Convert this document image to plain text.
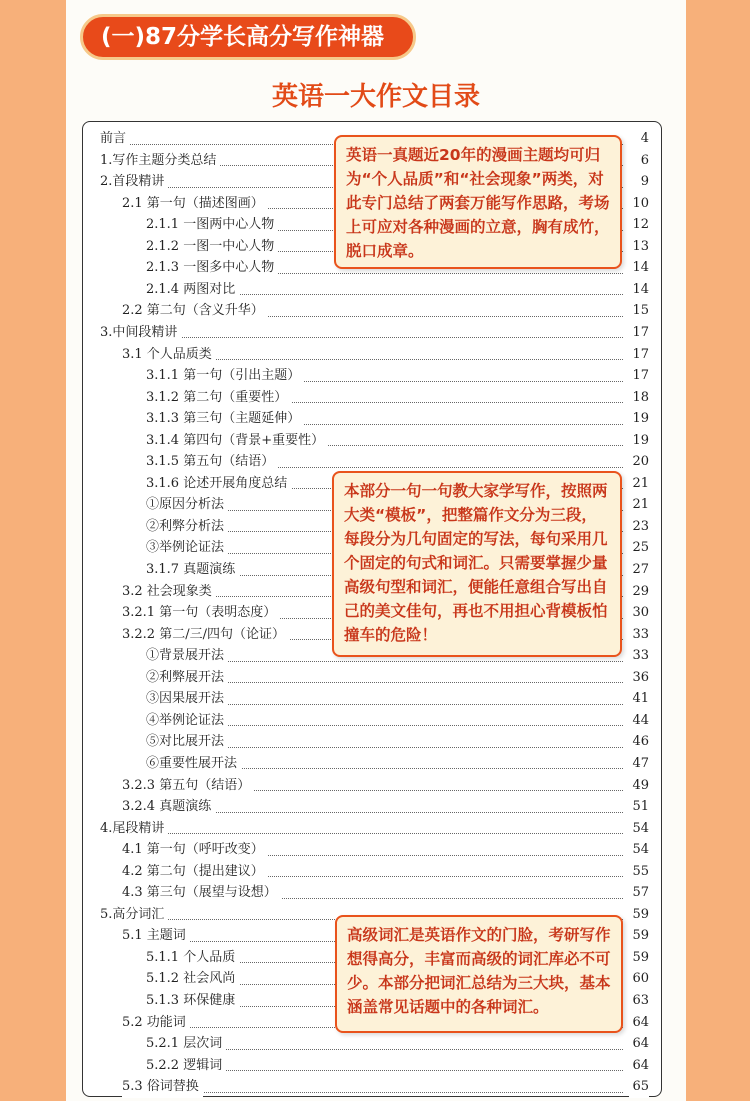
(一)87分学长高分写作神器
英语一大作文目录
前言	4
1.写作主题分类总结	6
2.首段精讲	9
2.1 第一句（描述图画）	10
2.1.1 一图两中心人物	12
2.1.2 一图一中心人物	13
2.1.3 一图多中心人物	14
2.1.4 两图对比	14
2.2 第二句（含义升华）	15
3.中间段精讲	17
3.1 个人品质类	17
3.1.1 第一句（引出主题）	17
3.1.2 第二句（重要性）	18
3.1.3 第三句（主题延伸）	19
3.1.4 第四句（背景+重要性）	19
3.1.5 第五句（结语）	20
3.1.6 论述开展角度总结	21
①原因分析法	21
②利弊分析法	23
③举例论证法	25
3.1.7 真题演练	27
3.2 社会现象类	29
3.2.1 第一句（表明态度）	30
3.2.2 第二/三/四句（论证）	33
①背景展开法	33
②利弊展开法	36
③因果展开法	41
④举例论证法	44
⑤对比展开法	46
⑥重要性展开法	47
3.2.3 第五句（结语）	49
3.2.4 真题演练	51
4.尾段精讲	54
4.1 第一句（呼吁改变）	54
4.2 第二句（提出建议）	55
4.3 第三句（展望与设想）	57
5.高分词汇	59
5.1 主题词	59
5.1.1 个人品质	59
5.1.2 社会风尚	60
5.1.3 环保健康	63
5.2 功能词	64
5.2.1 层次词	64
5.2.2 逻辑词	64
5.3 俗词替换	65
英语一真题近20年的漫画主题均可归为“个人品质”和“社会现象”两类，对此专门总结了两套万能写作思路，考场上可应对各种漫画的立意，胸有成竹，脱口成章。
本部分一句一句教大家学写作，按照两大类“模板”，把整篇作文分为三段，每段分为几句固定的写法，每句采用几个固定的句式和词汇。只需要掌握少量高级句型和词汇，便能任意组合写出自己的美文佳句，再也不用担心背模板怕撞车的危险！
高级词汇是英语作文的门脸，考研写作想得高分，丰富而高级的词汇库必不可少。本部分把词汇总结为三大块，基本涵盖常见话题中的各种词汇。
